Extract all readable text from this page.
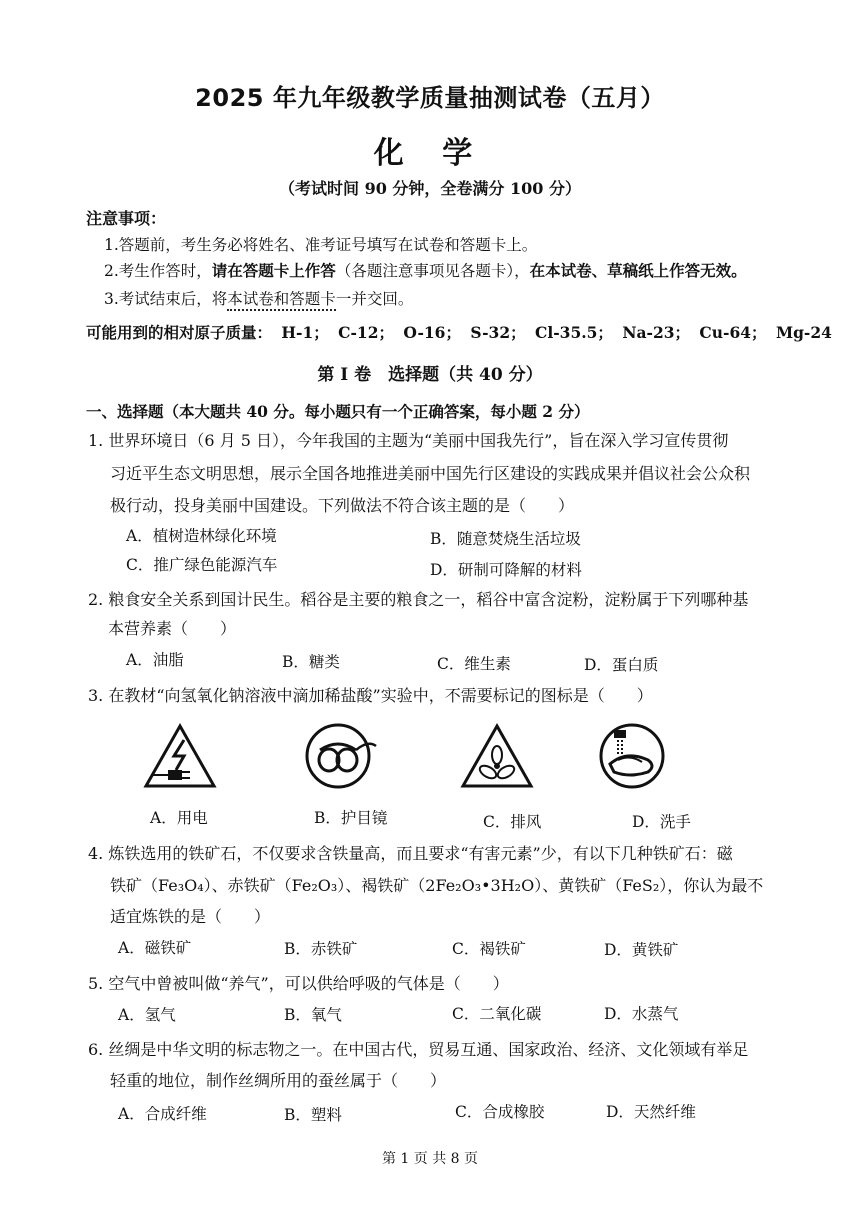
2025 年九年级教学质量抽测试卷（五月）
化 学
（考试时间 90 分钟，全卷满分 100 分）
注意事项：
1.答题前，考生务必将姓名、准考证号填写在试卷和答题卡上。
2.考生作答时，请在答题卡上作答（各题注意事项见各题卡），在本试卷、草稿纸上作答无效。
3.考试结束后，将本试卷和答题卡一并交回。
可能用到的相对原子质量： H-1； C-12； O-16； S-32； Cl-35.5； Na-23； Cu-64； Mg-24
第 I 卷　选择题（共 40 分）
一、选择题（本大题共 40 分。每小题只有一个正确答案，每小题 2 分）
1. 世界环境日（6 月 5 日），今年我国的主题为“美丽中国我先行”，旨在深入学习宣传贯彻
习近平生态文明思想，展示全国各地推进美丽中国先行区建设的实践成果并倡议社会公众积
极行动，投身美丽中国建设。下列做法不符合该主题的是（　　）
A．植树造林绿化环境	B．随意焚烧生活垃圾
C．推广绿色能源汽车	D．研制可降解的材料
2. 粮食安全关系到国计民生。稻谷是主要的粮食之一，稻谷中富含淀粉，淀粉属于下列哪种基
本营养素（　　）
A．油脂	B．糖类	C．维生素	D．蛋白质
3. 在教材“向氢氧化钠溶液中滴加稀盐酸”实验中，不需要标记的图标是（　　）
A．用电	B．护目镜	C．排风	D．洗手
4. 炼铁选用的铁矿石，不仅要求含铁量高，而且要求“有害元素”少，有以下几种铁矿石：磁
铁矿（Fe₃O₄）、赤铁矿（Fe₂O₃）、褐铁矿（2Fe₂O₃•3H₂O）、黄铁矿（FeS₂），你认为最不
适宜炼铁的是（　　）
A．磁铁矿	B．赤铁矿	C．褐铁矿	D．黄铁矿
5. 空气中曾被叫做“养气”，可以供给呼吸的气体是（　　）
A．氢气	B．氧气	C．二氧化碳	D．水蒸气
6. 丝绸是中华文明的标志物之一。在中国古代，贸易互通、国家政治、经济、文化领域有举足
轻重的地位，制作丝绸所用的蚕丝属于（　　）
A．合成纤维	B．塑料	C．合成橡胶	D．天然纤维
第 1 页 共 8 页
